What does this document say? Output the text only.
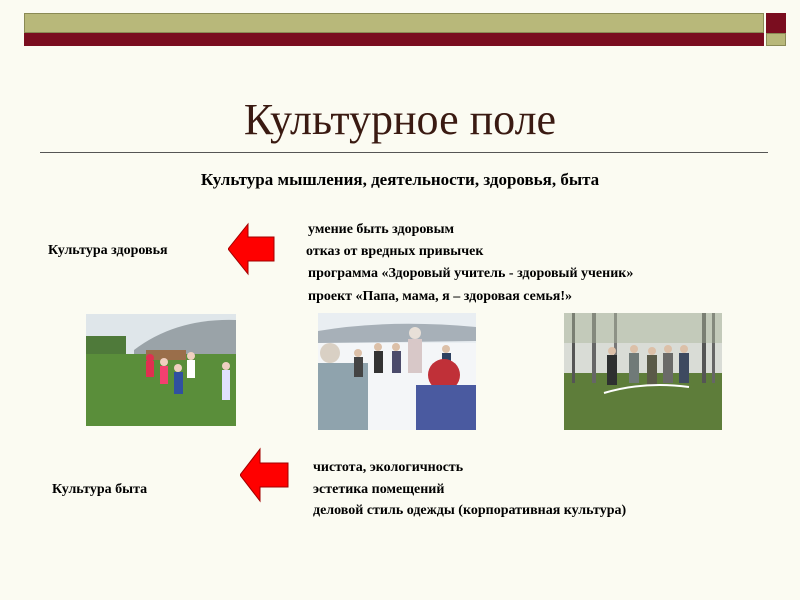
Культурное поле
Культура мышления, деятельности, здоровья, быта
Культура здоровья
умение быть здоровым
отказ от вредных привычек
программа «Здоровый учитель - здоровый ученик»
проект «Папа, мама, я – здоровая семья!»
Культура быта
чистота, экологичность
эстетика помещений
деловой стиль одежды (корпоративная культура)
